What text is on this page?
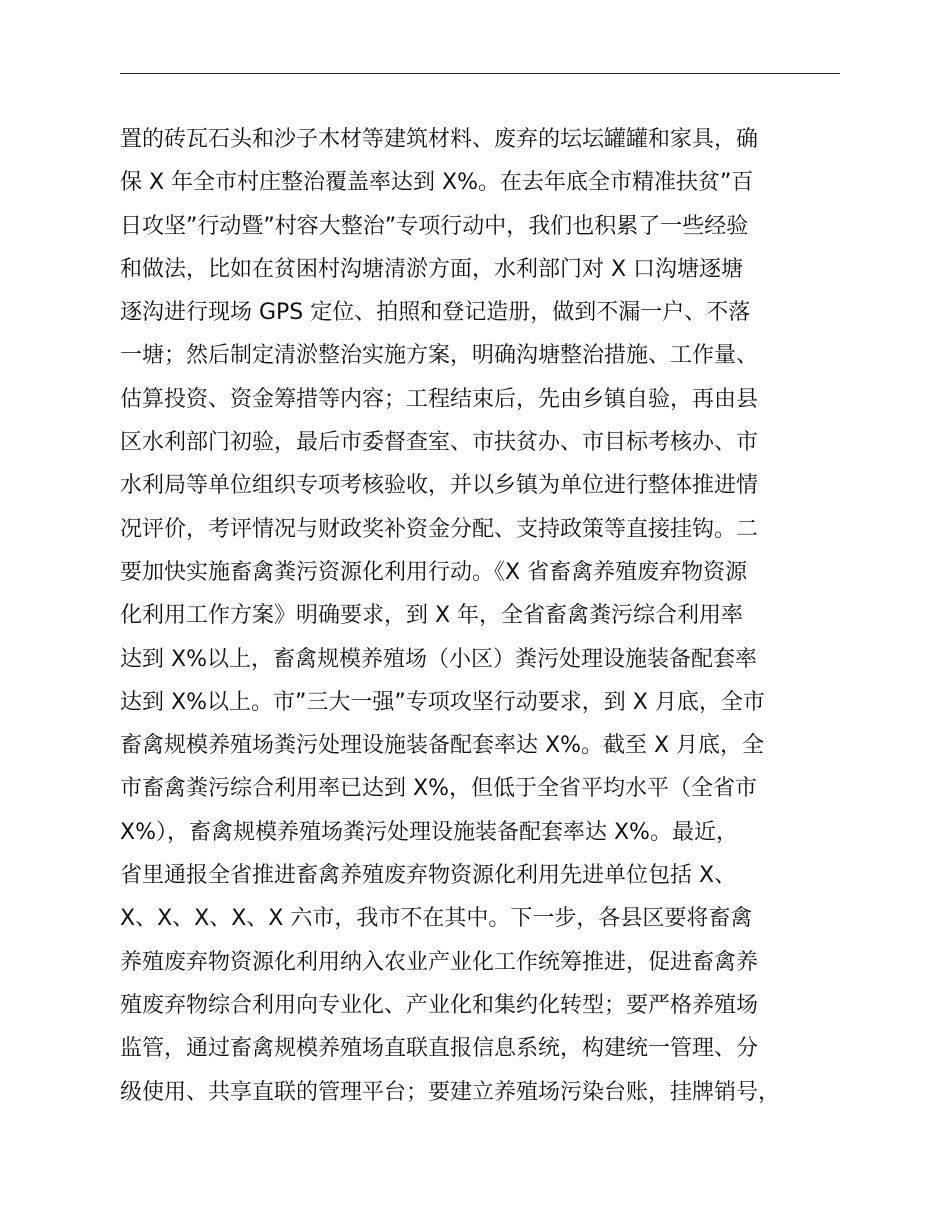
置的砖瓦石头和沙子木材等建筑材料、废弃的坛坛罐罐和家具，确
保 X 年全市村庄整治覆盖率达到 X%。在去年底全市精准扶贫”百
日攻坚”行动暨”村容大整治”专项行动中，我们也积累了一些经验
和做法，比如在贫困村沟塘清淤方面，水利部门对 X 口沟塘逐塘
逐沟进行现场 GPS 定位、拍照和登记造册，做到不漏一户、不落
一塘；然后制定清淤整治实施方案，明确沟塘整治措施、工作量、
估算投资、资金筹措等内容；工程结束后，先由乡镇自验，再由县
区水利部门初验，最后市委督查室、市扶贫办、市目标考核办、市
水利局等单位组织专项考核验收，并以乡镇为单位进行整体推进情
况评价，考评情况与财政奖补资金分配、支持政策等直接挂钩。二
要加快实施畜禽粪污资源化利用行动。《X 省畜禽养殖废弃物资源
化利用工作方案》明确要求，到 X 年，全省畜禽粪污综合利用率
达到 X%以上，畜禽规模养殖场（小区）粪污处理设施装备配套率
达到 X%以上。市”三大一强”专项攻坚行动要求，到 X 月底，全市
畜禽规模养殖场粪污处理设施装备配套率达 X%。截至 X 月底，全
市畜禽粪污综合利用率已达到 X%，但低于全省平均水平（全省市
X%），畜禽规模养殖场粪污处理设施装备配套率达 X%。最近，
省里通报全省推进畜禽养殖废弃物资源化利用先进单位包括 X、
X、X、X、X、X 六市，我市不在其中。下一步，各县区要将畜禽
养殖废弃物资源化利用纳入农业产业化工作统筹推进，促进畜禽养
殖废弃物综合利用向专业化、产业化和集约化转型；要严格养殖场
监管，通过畜禽规模养殖场直联直报信息系统，构建统一管理、分
级使用、共享直联的管理平台；要建立养殖场污染台账，挂牌销号，
